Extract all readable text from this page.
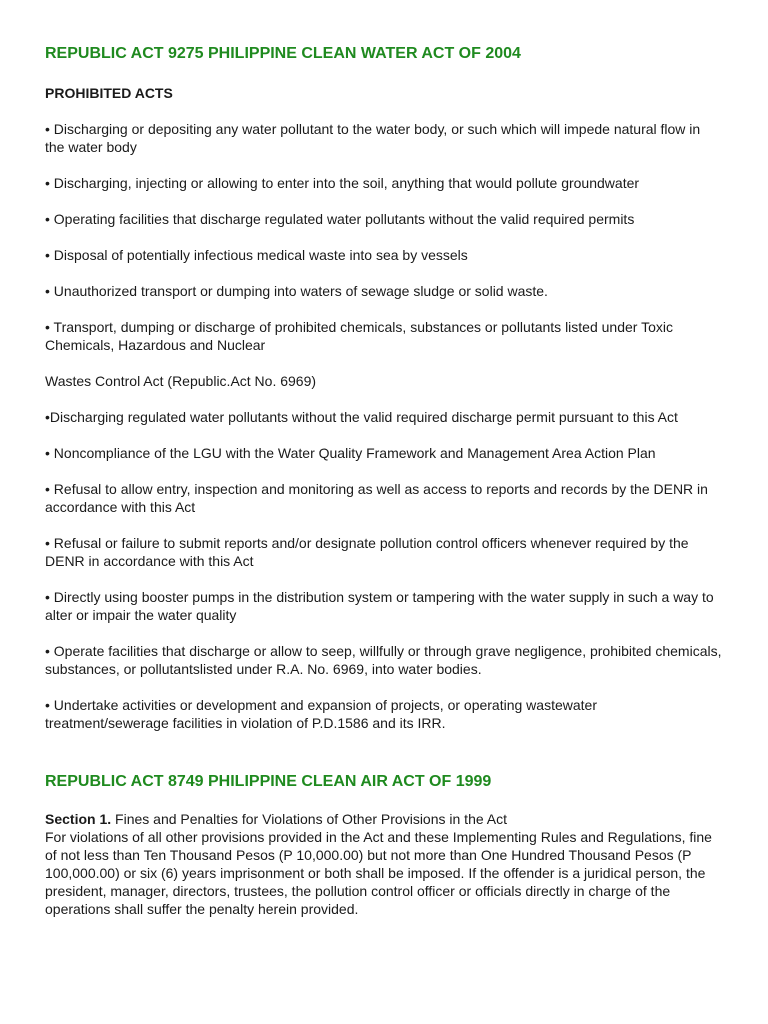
REPUBLIC ACT 9275 PHILIPPINE CLEAN WATER ACT OF 2004
PROHIBITED ACTS
• Discharging or depositing any water pollutant to the water body, or such which will impede natural flow in the water body
• Discharging, injecting or allowing to enter into the soil, anything that would pollute groundwater
• Operating facilities that discharge regulated water pollutants without the valid required permits
• Disposal of potentially infectious medical waste into sea by vessels
• Unauthorized transport or dumping into waters of sewage sludge or solid waste.
• Transport, dumping or discharge of prohibited chemicals, substances or pollutants listed under Toxic Chemicals, Hazardous and Nuclear
Wastes Control Act (Republic.Act No. 6969)
•Discharging regulated water pollutants without the valid required discharge permit pursuant to this Act
• Noncompliance of the LGU with the Water Quality Framework and Management Area Action Plan
• Refusal to allow entry, inspection and monitoring as well as access to reports and records by the DENR in accordance with this Act
• Refusal or failure to submit reports and/or designate pollution control officers whenever required by the DENR in accordance with this Act
• Directly using booster pumps in the distribution system or tampering with the water supply in such a way to alter or impair the water quality
• Operate facilities that discharge or allow to seep, willfully or through grave negligence, prohibited chemicals, substances, or pollutantslisted under R.A. No. 6969, into water bodies.
• Undertake activities or development and expansion of projects, or operating wastewater treatment/sewerage facilities in violation of P.D.1586 and its IRR.
REPUBLIC ACT 8749 PHILIPPINE CLEAN AIR ACT OF 1999

Section 1. Fines and Penalties for Violations of Other Provisions in the Act
For violations of all other provisions provided in the Act and these Implementing Rules and Regulations, fine of not less than Ten Thousand Pesos (P 10,000.00) but not more than One Hundred Thousand Pesos (P 100,000.00) or six (6) years imprisonment or both shall be imposed. If the offender is a juridical person, the president, manager, directors, trustees, the pollution control officer or officials directly in charge of the operations shall suffer the penalty herein provided.
